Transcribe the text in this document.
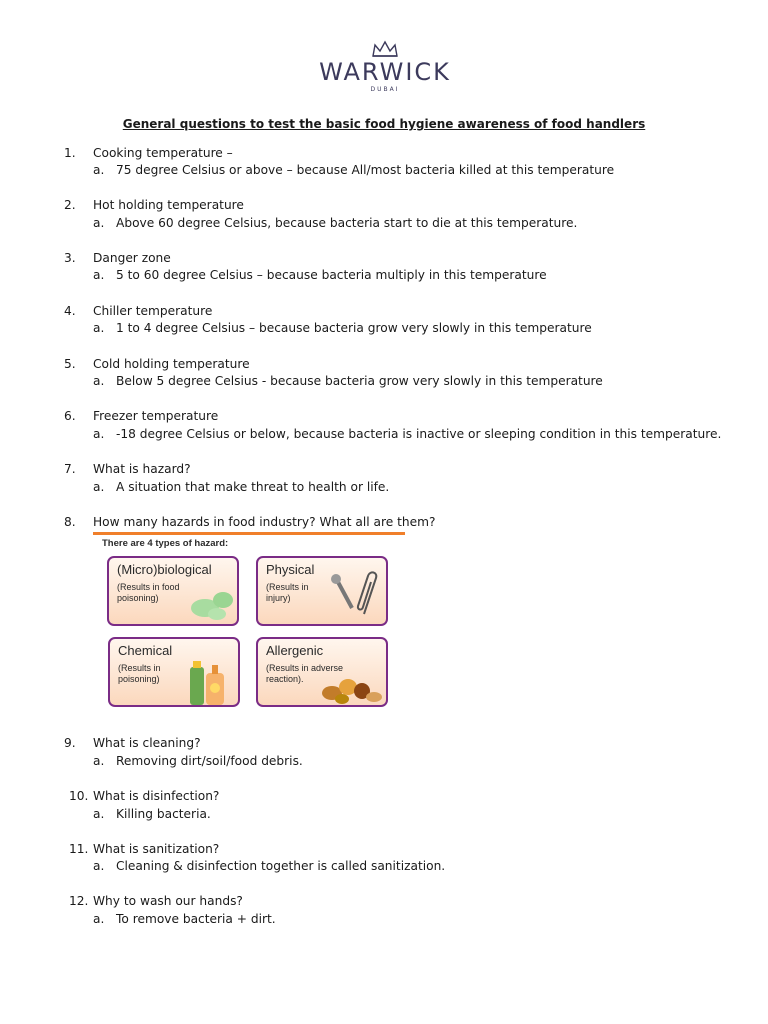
WARWICK
DUBAI
General questions to test the basic food hygiene awareness of food handlers
1.	Cooking temperature –
a. 75 degree Celsius or above – because All/most bacteria killed at this temperature
2.	Hot holding temperature
a. Above 60 degree Celsius, because bacteria start to die at this temperature.
3.	Danger zone
a. 5 to 60 degree Celsius – because bacteria multiply in this temperature
4.	Chiller temperature
a. 1 to 4 degree Celsius – because bacteria grow very slowly in this temperature
5.	Cold holding temperature
a. Below 5 degree Celsius - because bacteria grow very slowly in this temperature
6.	Freezer temperature
a. -18 degree Celsius or below, because bacteria is inactive or sleeping condition in this temperature.
7.	What is hazard?
a. A situation that make threat to health or life.
8.	How many hazards in food industry? What all are them?
There are 4 types of hazard:
(Micro)biological
(Results in food poisoning)
Physical
(Results in injury)
Chemical
(Results in poisoning)
Allergenic
(Results in adverse reaction).
9.	What is cleaning?
a. Removing dirt/soil/food debris.
10. What is disinfection?
a. Killing bacteria.
11. What is sanitization?
a. Cleaning & disinfection together is called sanitization.
12. Why to wash our hands?
a. To remove bacteria + dirt.
